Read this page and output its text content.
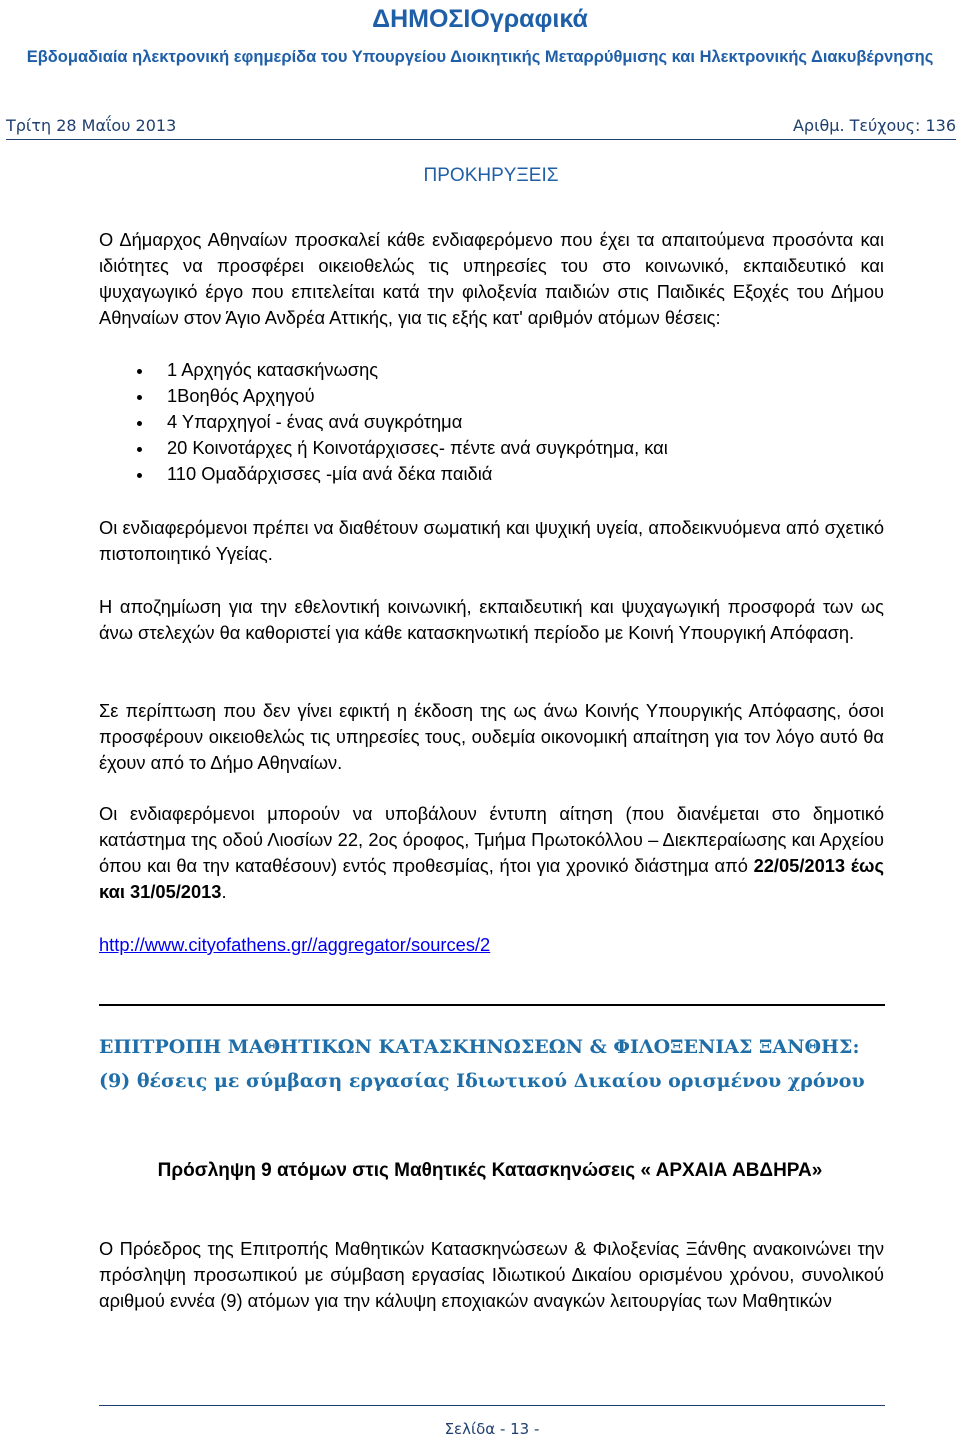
ΔΗΜΟΣΙΟγραφικά
Εβδομαδιαία ηλεκτρονική εφημερίδα του Υπουργείου Διοικητικής Μεταρρύθμισης και Ηλεκτρονικής Διακυβέρνησης
Τρίτη 28 Μαΐου 2013	Αριθμ. Τεύχους: 136
ΠΡΟΚΗΡΥΞΕΙΣ

Ο Δήμαρχος Αθηναίων προσκαλεί κάθε ενδιαφερόμενο που έχει τα απαιτούμενα προσόντα και ιδιότητες να προσφέρει οικειοθελώς τις υπηρεσίες του στο κοινωνικό, εκπαιδευτικό και ψυχαγωγικό έργο που επιτελείται κατά την φιλοξενία παιδιών στις Παιδικές Εξοχές του Δήμου Αθηναίων στον Άγιο Ανδρέα Αττικής, για τις εξής κατ' αριθμόν ατόμων θέσεις:

1 Αρχηγός κατασκήνωσης
1Βοηθός Αρχηγού
4 Υπαρχηγοί - ένας ανά συγκρότημα
20 Κοινοτάρχες ή Κοινοτάρχισσες- πέντε ανά συγκρότημα, και
110 Ομαδάρχισσες -μία ανά δέκα παιδιά

Οι ενδιαφερόμενοι πρέπει να διαθέτουν σωματική και ψυχική υγεία, αποδεικνυόμενα από σχετικό πιστοποιητικό Υγείας.

Η αποζημίωση για την εθελοντική κοινωνική, εκπαιδευτική και ψυχαγωγική προσφορά των ως άνω στελεχών θα καθοριστεί για κάθε κατασκηνωτική περίοδο με Κοινή Υπουργική Απόφαση.

Σε περίπτωση που δεν γίνει εφικτή η έκδοση της ως άνω Κοινής Υπουργικής Απόφασης, όσοι προσφέρουν οικειοθελώς τις υπηρεσίες τους, ουδεμία οικονομική απαίτηση για τον λόγο αυτό θα έχουν από το Δήμο Αθηναίων.

Οι ενδιαφερόμενοι μπορούν να υποβάλουν έντυπη αίτηση (που διανέμεται στο δημοτικό κατάστημα της οδού Λιοσίων 22, 2ος όροφος, Τμήμα Πρωτοκόλλου – Διεκπεραίωσης και Αρχείου όπου και θα την καταθέσουν) εντός προθεσμίας, ήτοι για χρονικό διάστημα από 22/05/2013 έως και 31/05/2013.

http://www.cityofathens.gr//aggregator/sources/2
ΕΠΙΤΡΟΠΗ ΜΑΘΗΤΙΚΩΝ ΚΑΤΑΣΚΗΝΩΣΕΩΝ & ΦΙΛΟΞΕΝΙΑΣ ΞΑΝΘΗΣ:
(9) θέσεις με σύμβαση εργασίας Ιδιωτικού Δικαίου ορισμένου χρόνου
Πρόσληψη 9 ατόμων στις Μαθητικές Κατασκηνώσεις « ΑΡΧΑΙΑ ΑΒΔΗΡΑ»

Ο Πρόεδρος της Επιτροπής Μαθητικών Κατασκηνώσεων & Φιλοξενίας Ξάνθης ανακοινώνει την πρόσληψη προσωπικού με σύμβαση εργασίας Ιδιωτικού Δικαίου ορισμένου χρόνου, συνολικού αριθμού εννέα (9) ατόμων για την κάλυψη εποχιακών αναγκών λειτουργίας των Μαθητικών

Σελίδα - 13 -
